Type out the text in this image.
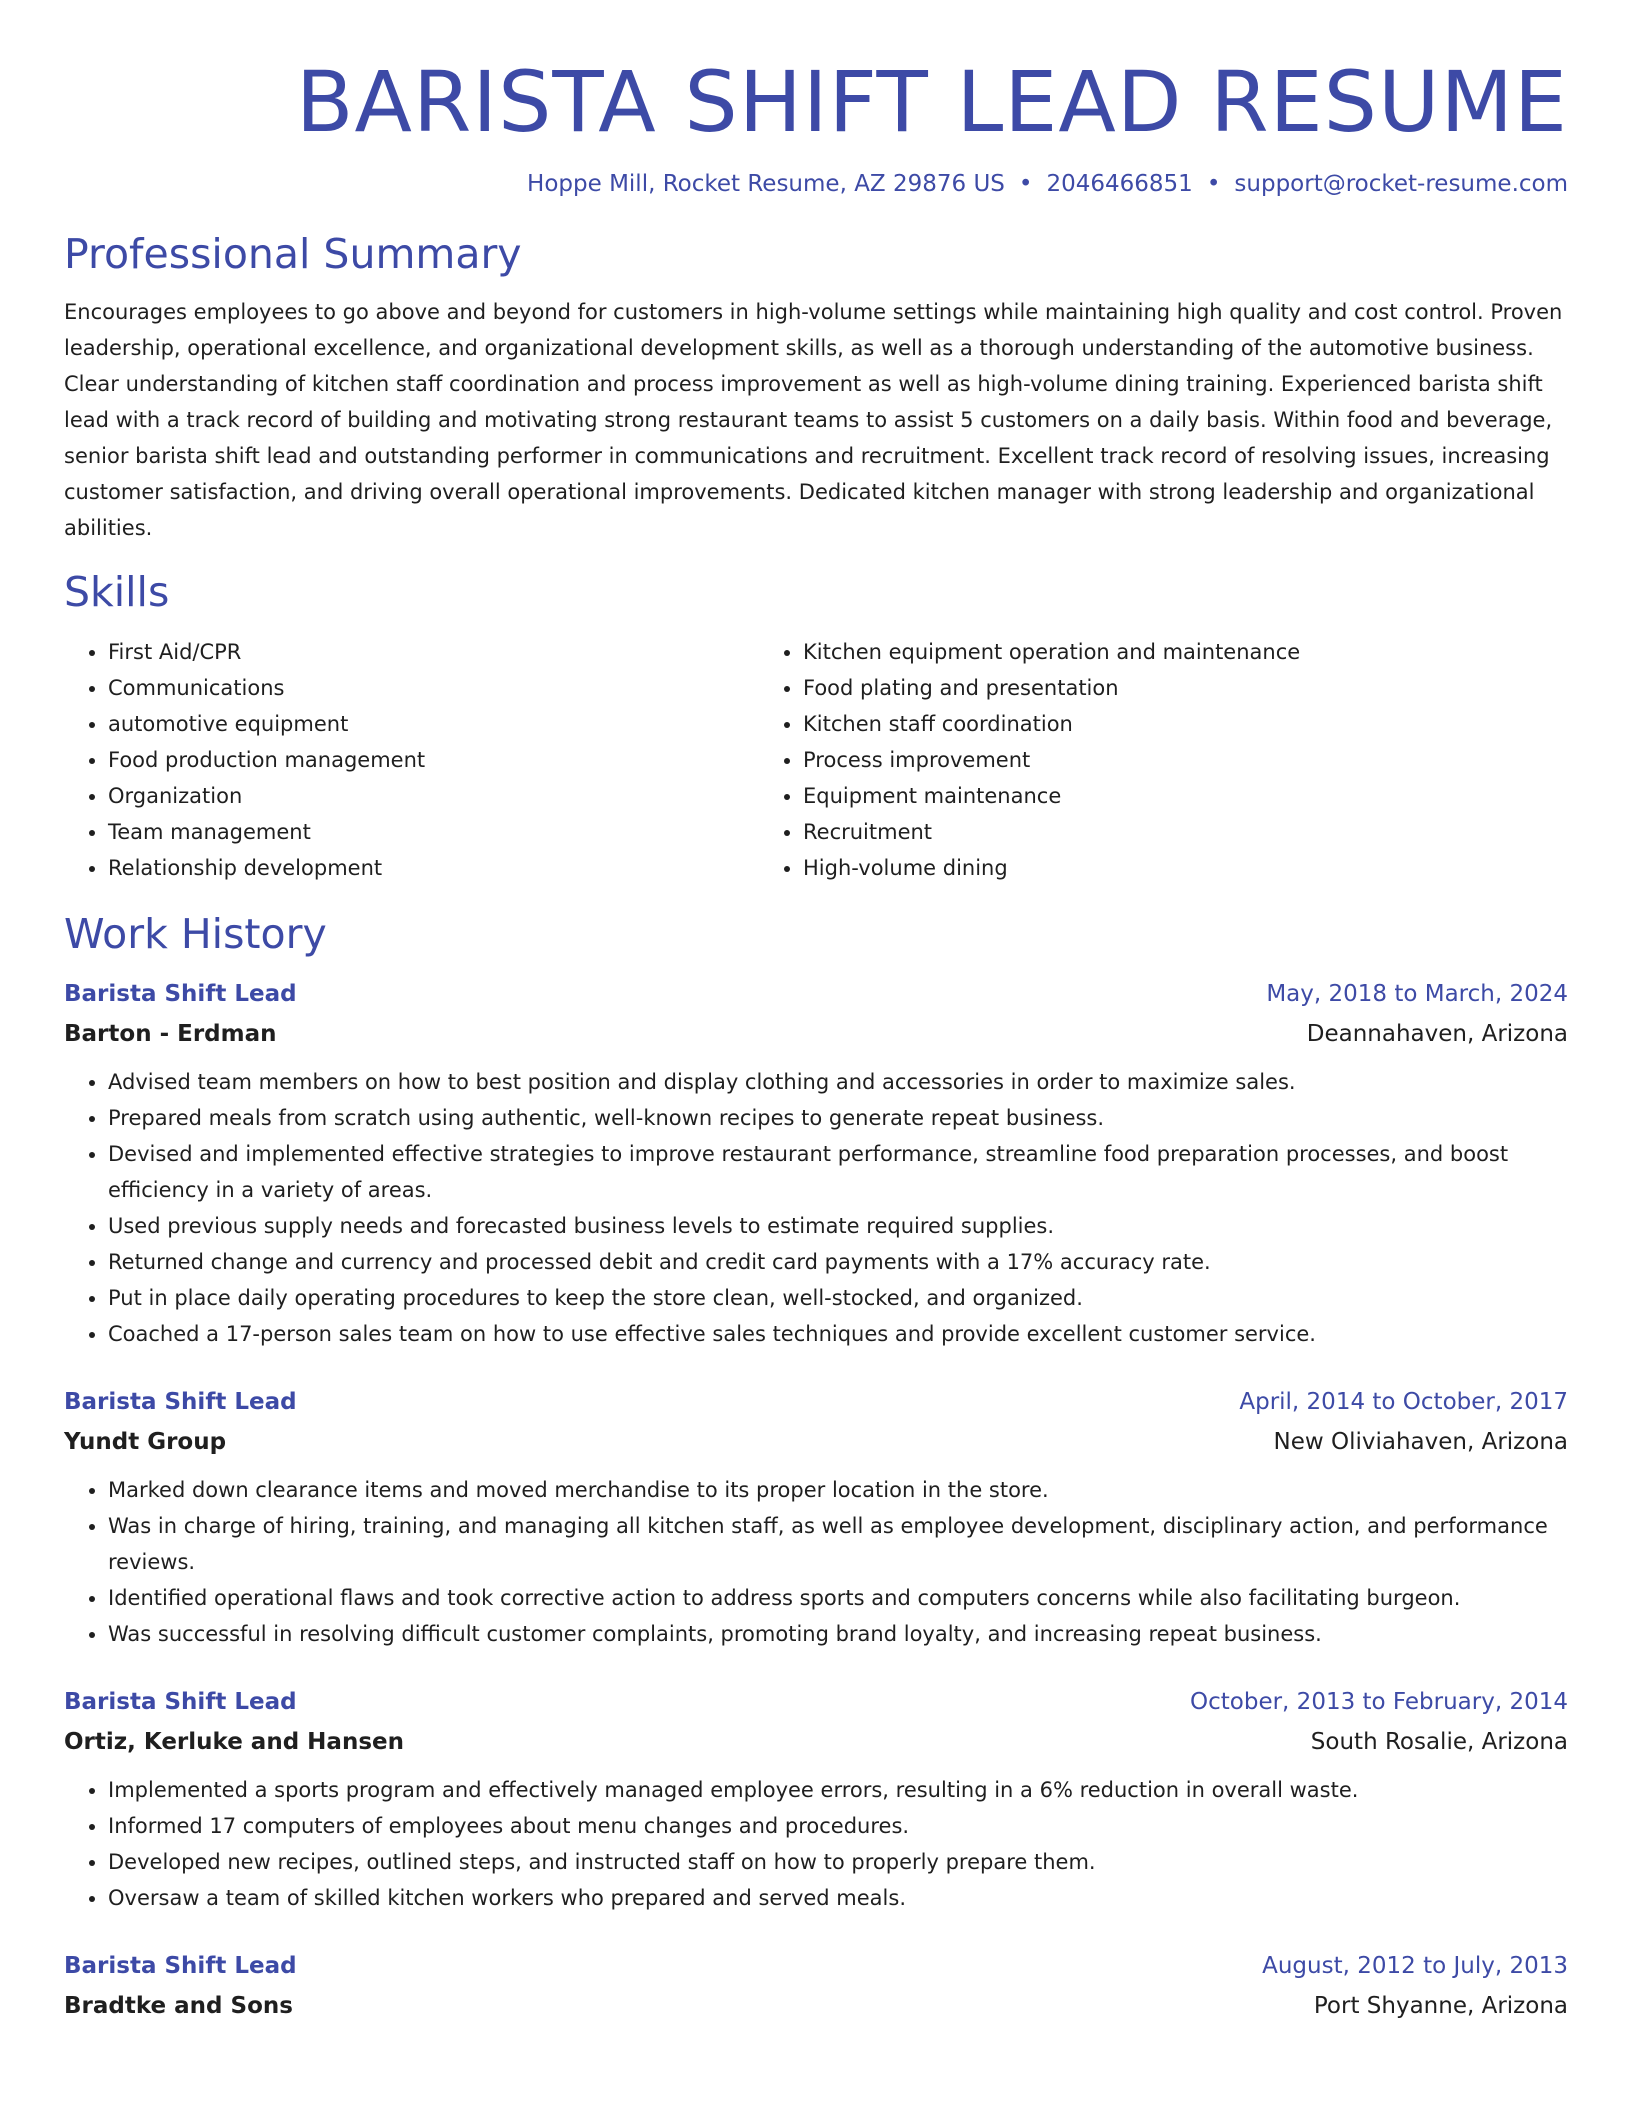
BARISTA SHIFT LEAD RESUME
Hoppe Mill, Rocket Resume, AZ 29876 US • 2046466851 • support@rocket-resume.com
Professional Summary
Encourages employees to go above and beyond for customers in high-volume settings while maintaining high quality and cost control. Proven leadership, operational excellence, and organizational development skills, as well as a thorough understanding of the automotive business. Clear understanding of kitchen staff coordination and process improvement as well as high-volume dining training. Experienced barista shift lead with a track record of building and motivating strong restaurant teams to assist 5 customers on a daily basis. Within food and beverage, senior barista shift lead and outstanding performer in communications and recruitment. Excellent track record of resolving issues, increasing customer satisfaction, and driving overall operational improvements. Dedicated kitchen manager with strong leadership and organizational abilities.
Skills
• First Aid/CPR
• Communications
• automotive equipment
• Food production management
• Organization
• Team management
• Relationship development
• Kitchen equipment operation and maintenance
• Food plating and presentation
• Kitchen staff coordination
• Process improvement
• Equipment maintenance
• Recruitment
• High-volume dining
Work History
Barista Shift Lead	May, 2018 to March, 2024
Barton - Erdman	Deannahaven, Arizona
• Advised team members on how to best position and display clothing and accessories in order to maximize sales.
• Prepared meals from scratch using authentic, well-known recipes to generate repeat business.
• Devised and implemented effective strategies to improve restaurant performance, streamline food preparation processes, and boost efficiency in a variety of areas.
• Used previous supply needs and forecasted business levels to estimate required supplies.
• Returned change and currency and processed debit and credit card payments with a 17% accuracy rate.
• Put in place daily operating procedures to keep the store clean, well-stocked, and organized.
• Coached a 17-person sales team on how to use effective sales techniques and provide excellent customer service.
Barista Shift Lead	April, 2014 to October, 2017
Yundt Group	New Oliviahaven, Arizona
• Marked down clearance items and moved merchandise to its proper location in the store.
• Was in charge of hiring, training, and managing all kitchen staff, as well as employee development, disciplinary action, and performance reviews.
• Identified operational flaws and took corrective action to address sports and computers concerns while also facilitating burgeon.
• Was successful in resolving difficult customer complaints, promoting brand loyalty, and increasing repeat business.
Barista Shift Lead	October, 2013 to February, 2014
Ortiz, Kerluke and Hansen	South Rosalie, Arizona
• Implemented a sports program and effectively managed employee errors, resulting in a 6% reduction in overall waste.
• Informed 17 computers of employees about menu changes and procedures.
• Developed new recipes, outlined steps, and instructed staff on how to properly prepare them.
• Oversaw a team of skilled kitchen workers who prepared and served meals.
Barista Shift Lead	August, 2012 to July, 2013
Bradtke and Sons	Port Shyanne, Arizona
